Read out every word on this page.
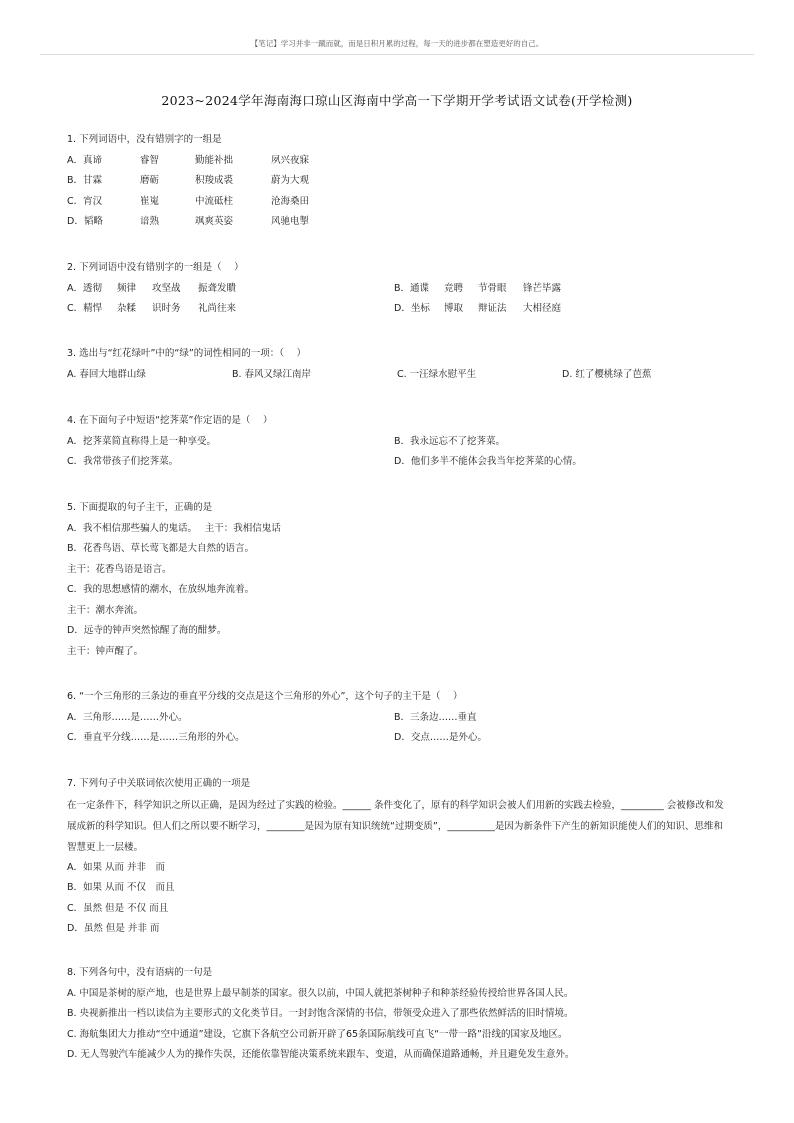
【笔记】学习并非一蹴而就，而是日积月累的过程，每一天的进步都在塑造更好的自己。
2023~2024学年海南海口琼山区海南中学高一下学期开学考试语文试卷(开学检测)
1. 下列词语中，没有错别字的一组是
A．真谛	睿智	勤能补拙	夙兴夜寐
B．甘霖	磨砺	积羧成裘	蔚为大观
C．宵汉	崔嵬	中流砥柱	沧海桑田
D．韬略	谙熟	飒爽英姿	风驰电掣
2. 下列词语中没有错别字的一组是（　 ）
A．透彻 频律 攻坚战 振聋发瞶	B．通谍 竞聘 节骨眼 锋芒毕露
C．精悍 杂糅 识时务 礼尚往来	D．坐标 博取 辩证法 大相径庭
3. 选出与“红花绿叶”中的“绿”的词性相同的一项：（　 ）
A. 春回大地群山绿	B. 春风又绿江南岸	C. 一汪绿水慰平生	D. 红了樱桃绿了芭蕉
4. 在下面句子中短语“挖荠菜”作定语的是（　 ）
A．挖荠菜简直称得上是一种享受。	B．我永远忘不了挖荠菜。
C．我常带孩子们挖荠菜。	D．他们多半不能体会我当年挖荠菜的心情。
5. 下面提取的句子主干，正确的是
A．我不相信那些骗人的鬼话。　 主干：我相信鬼话
B．花香鸟语、草长莺飞都是大自然的语言。
主干：花香鸟语是语言。
C．我的思想感情的潮水，在放纵地奔流着。
主干：潮水奔流。
D．远寺的钟声突然惊醒了海的酣梦。
主干：钟声醒了。
6. “一个三角形的三条边的垂直平分线的交点是这个三角形的外心”，这个句子的主干是（　 ）
A．三角形……是……外心。	B．三条边……垂直
C．垂直平分线……是……三角形的外心。	D．交点……是外心。
7. 下列句子中关联词依次使用正确的一项是
在一定条件下，科学知识之所以正确，是因为经过了实践的检验。______ 条件变化了，原有的科学知识会被人们用新的实践去检验，_________ 会被修改和发展成新的科学知识。但人们之所以要不断学习，________是因为原有知识统统“过期变质”，__________是因为新条件下产生的新知识能使人们的知识、思维和智慧更上一层楼。
A．如果 从而 并非　而
B．如果 从而 不仅　而且
C．虽然 但是 不仅 而且
D．虽然 但是 并非 而
8. 下列各句中，没有语病的一句是
A. 中国是茶树的原产地，也是世界上最早制茶的国家。很久以前，中国人就把茶树种子和种茶经验传授给世界各国人民。
B. 央视新推出一档以读信为主要形式的文化类节目。一封封饱含深情的书信，带领受众进入了那些依然鲜活的旧时情境。
C. 海航集团大力推动“空中通道”建设，它旗下各航空公司新开辟了65条国际航线可直飞“一带一路”沿线的国家及地区。
D. 无人驾驶汽车能减少人为的操作失误，还能依靠智能决策系统来跟车、变道，从而确保道路通畅，并且避免发生意外。
